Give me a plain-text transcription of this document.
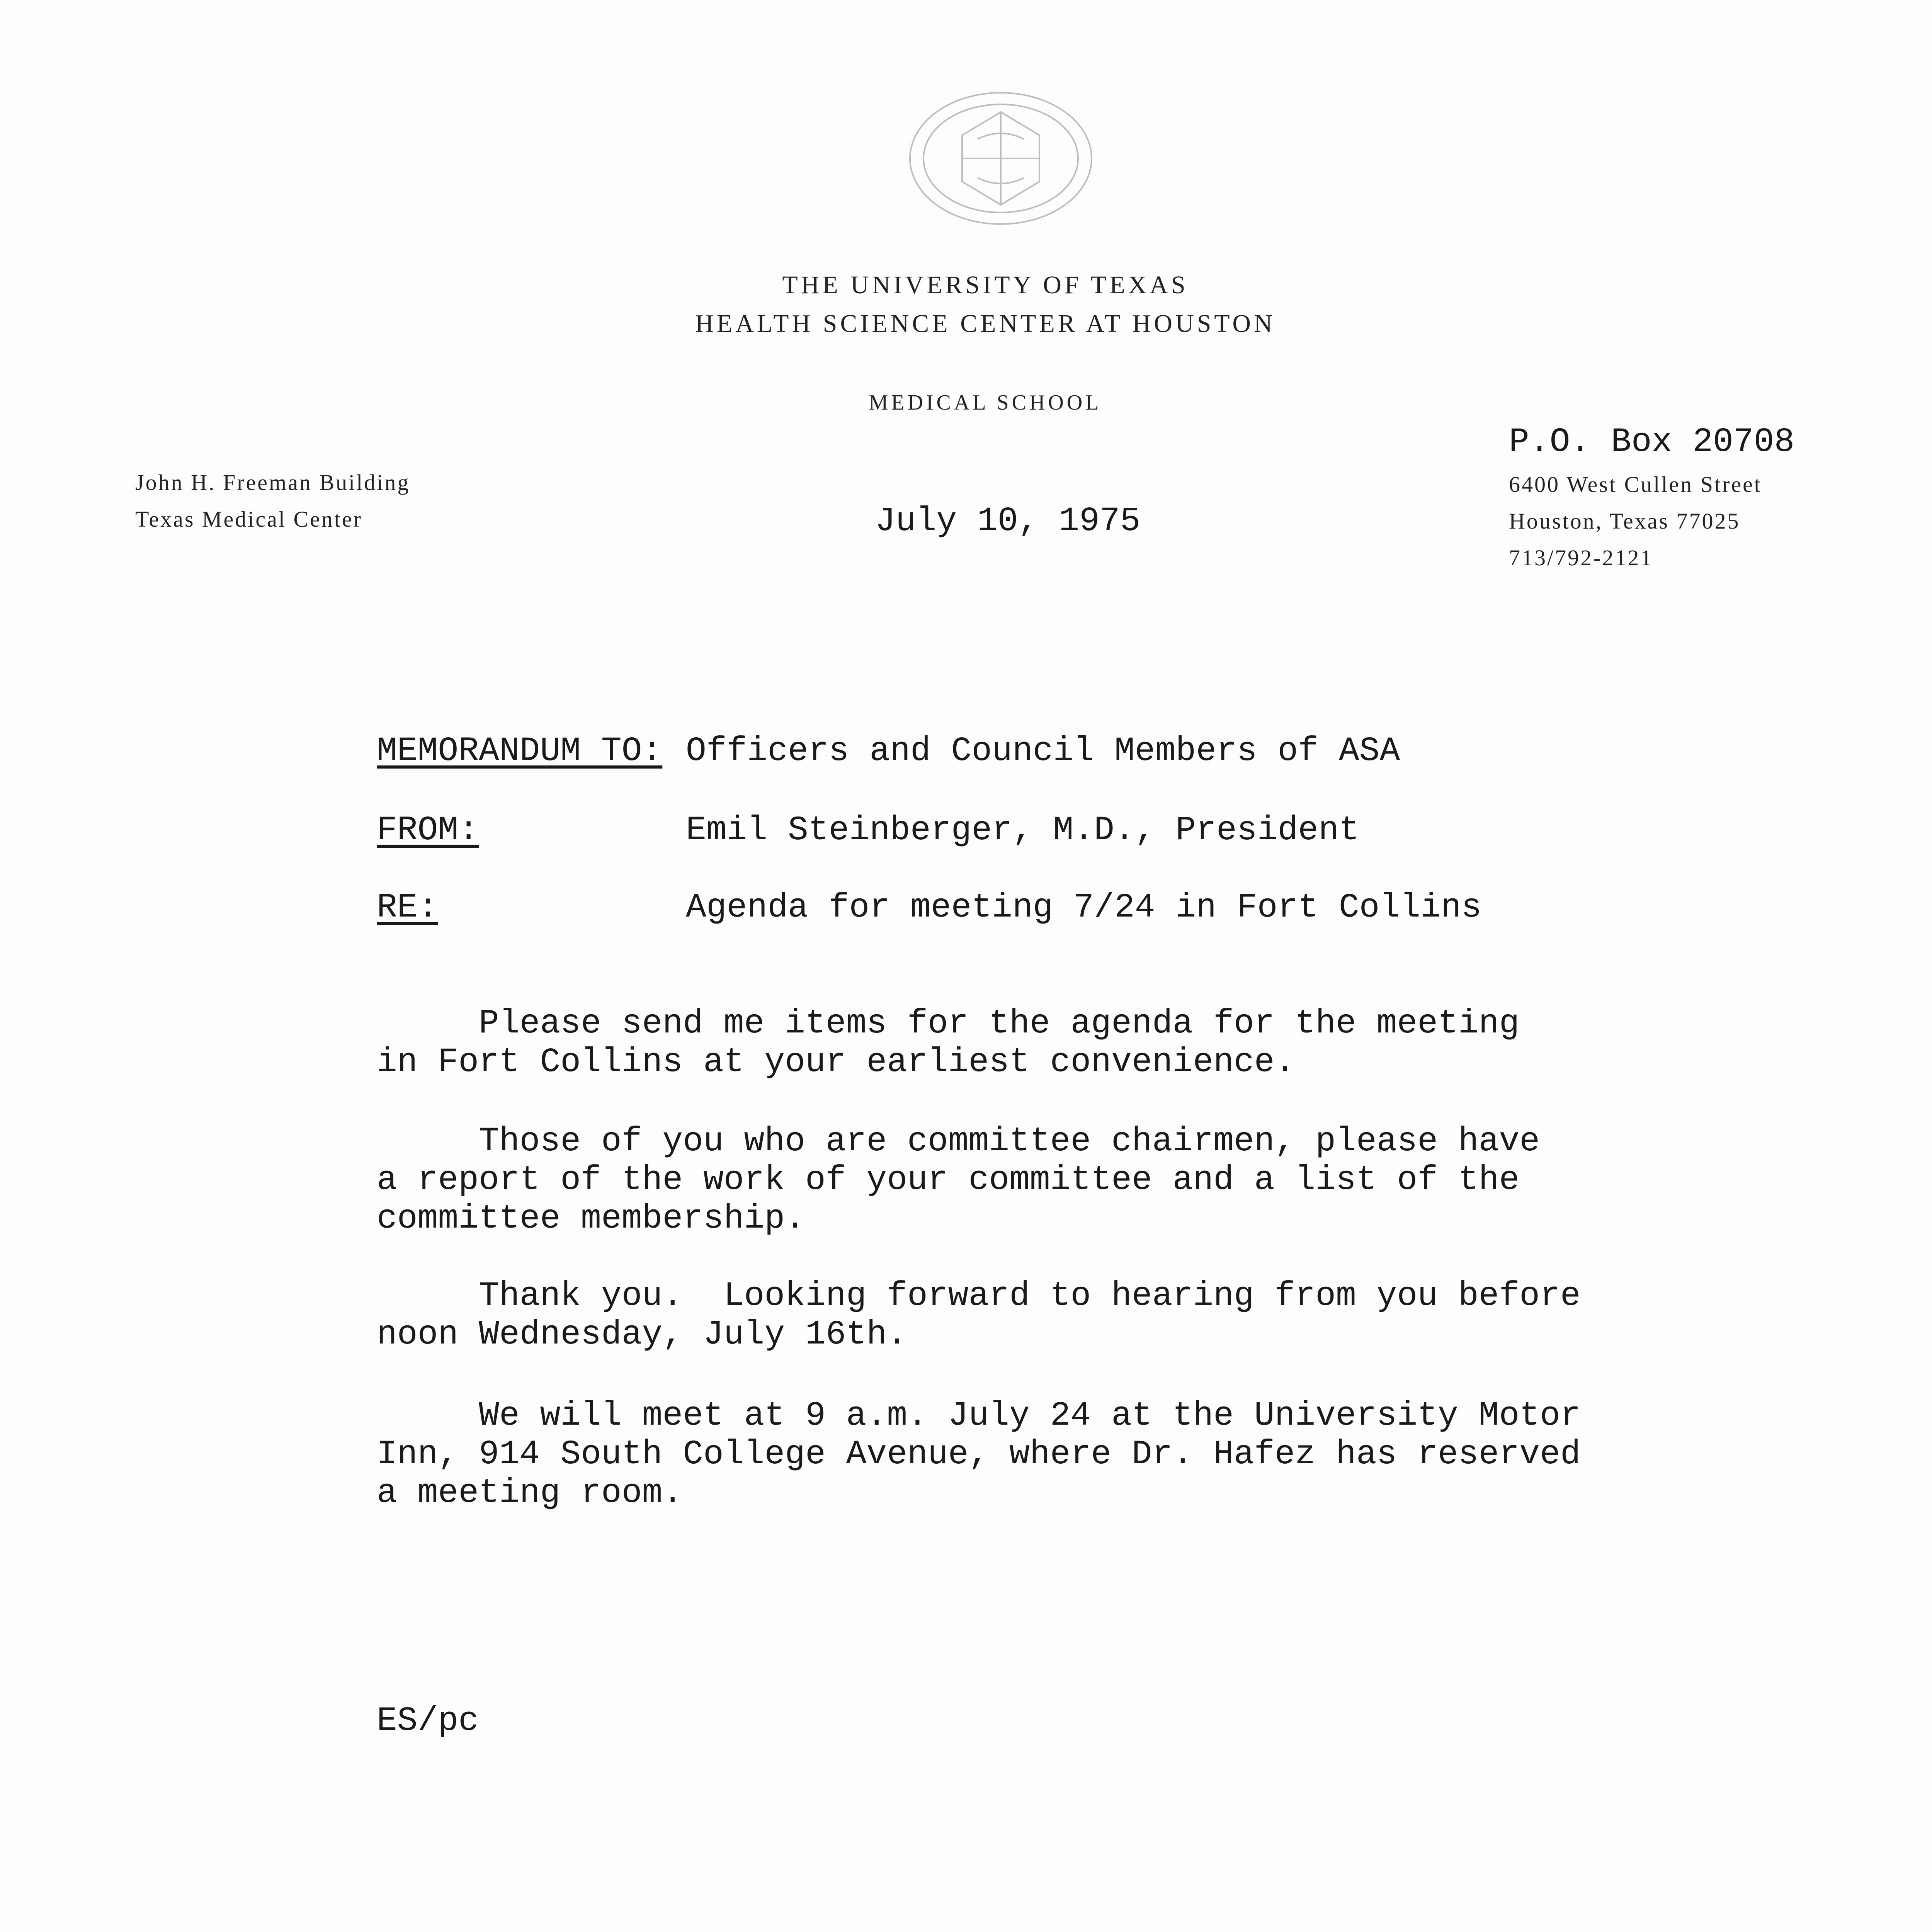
THE UNIVERSITY OF TEXAS
HEALTH SCIENCE CENTER AT HOUSTON
MEDICAL SCHOOL
John H. Freeman Building
Texas Medical Center
P.O. Box 20708
6400 West Cullen Street
Houston, Texas 77025
713/792-2121
July 10, 1975
MEMORANDUM TO: Officers and Council Members of ASA
FROM:	Emil Steinberger, M.D., President
RE:	Agenda for meeting 7/24 in Fort Collins
Please send me items for the agenda for the meeting
in Fort Collins at your earliest convenience.
Those of you who are committee chairmen, please have
a report of the work of your committee and a list of the
committee membership.
Thank you.  Looking forward to hearing from you before
noon Wednesday, July 16th.
We will meet at 9 a.m. July 24 at the University Motor
Inn, 914 South College Avenue, where Dr. Hafez has reserved
a meeting room.
ES/pc
